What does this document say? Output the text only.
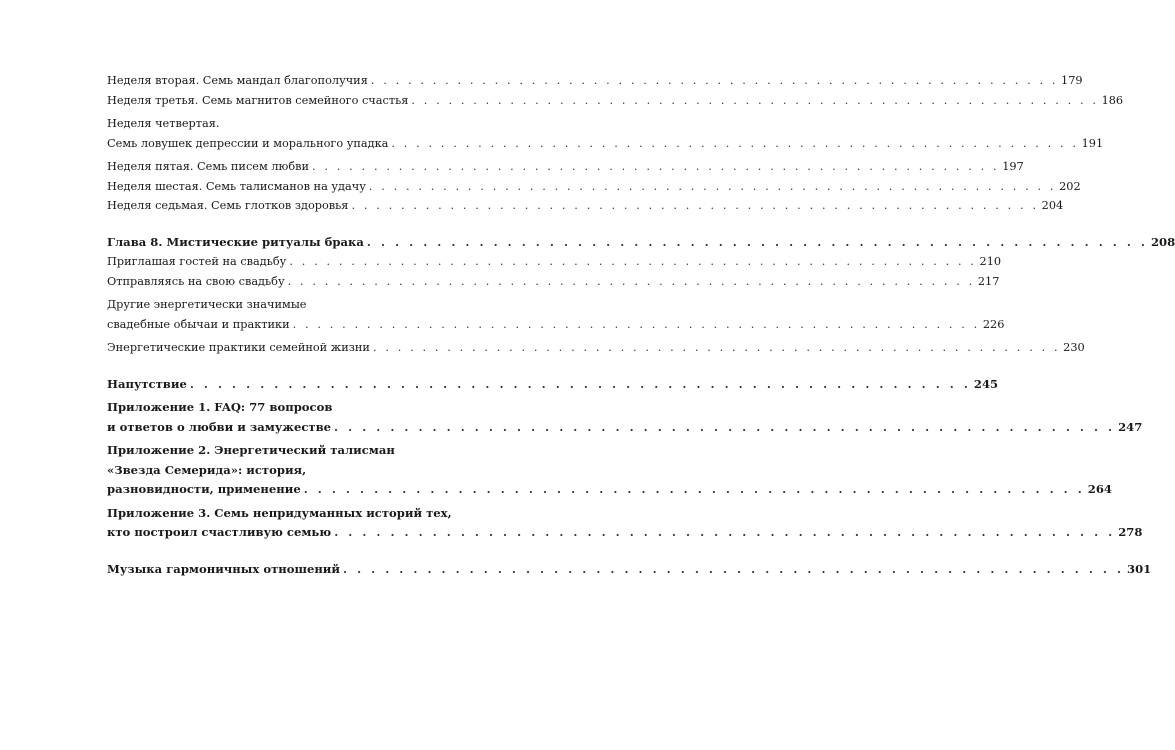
Неделя вторая. Семь мандал благополучия . . . . . . . . . . . . . . . . . . . . . . . . . . . . . . . . . . . . . . . . . . . . . . . . . . . . . . . . 179
Неделя третья. Семь магнитов семейного счастья . . . . . . . . . . . . . . . . . . . . . . . . . . . . . . . . . . . . . . . . . . . . . . . . . . . . . . . . 186
Неделя четвертая.
Семь ловушек депрессии и морального упадка . . . . . . . . . . . . . . . . . . . . . . . . . . . . . . . . . . . . . . . . . . . . . . . . . . . . . . . . 191
Неделя пятая. Семь писем любви . . . . . . . . . . . . . . . . . . . . . . . . . . . . . . . . . . . . . . . . . . . . . . . . . . . . . . . . 197
Неделя шестая. Семь талисманов на удачу . . . . . . . . . . . . . . . . . . . . . . . . . . . . . . . . . . . . . . . . . . . . . . . . . . . . . . . . 202
Неделя седьмая. Семь глотков здоровья . . . . . . . . . . . . . . . . . . . . . . . . . . . . . . . . . . . . . . . . . . . . . . . . . . . . . . . . 204
Глава 8. Мистические ритуалы брака . . . . . . . . . . . . . . . . . . . . . . . . . . . . . . . . . . . . . . . . . . . . . . . . . . . . . . . . 208
Приглашая гостей на свадьбу . . . . . . . . . . . . . . . . . . . . . . . . . . . . . . . . . . . . . . . . . . . . . . . . . . . . . . . . 210
Отправляясь на свою свадьбу . . . . . . . . . . . . . . . . . . . . . . . . . . . . . . . . . . . . . . . . . . . . . . . . . . . . . . . . 217
Другие энергетически значимые
свадебные обычаи и практики . . . . . . . . . . . . . . . . . . . . . . . . . . . . . . . . . . . . . . . . . . . . . . . . . . . . . . . . 226
Энергетические практики семейной жизни . . . . . . . . . . . . . . . . . . . . . . . . . . . . . . . . . . . . . . . . . . . . . . . . . . . . . . . . 230
Напутствие . . . . . . . . . . . . . . . . . . . . . . . . . . . . . . . . . . . . . . . . . . . . . . . . . . . . . . . . 245
Приложение 1. FAQ: 77 вопросов
и ответов о любви и замужестве . . . . . . . . . . . . . . . . . . . . . . . . . . . . . . . . . . . . . . . . . . . . . . . . . . . . . . . . 247
Приложение 2. Энергетический талисман
«Звезда Семерида»: история,
разновидности, применение . . . . . . . . . . . . . . . . . . . . . . . . . . . . . . . . . . . . . . . . . . . . . . . . . . . . . . . . 264
Приложение 3. Семь непридуманных историй тех,
кто построил счастливую семью . . . . . . . . . . . . . . . . . . . . . . . . . . . . . . . . . . . . . . . . . . . . . . . . . . . . . . . . 278
Музыка гармоничных отношений . . . . . . . . . . . . . . . . . . . . . . . . . . . . . . . . . . . . . . . . . . . . . . . . . . . . . . . . 301
